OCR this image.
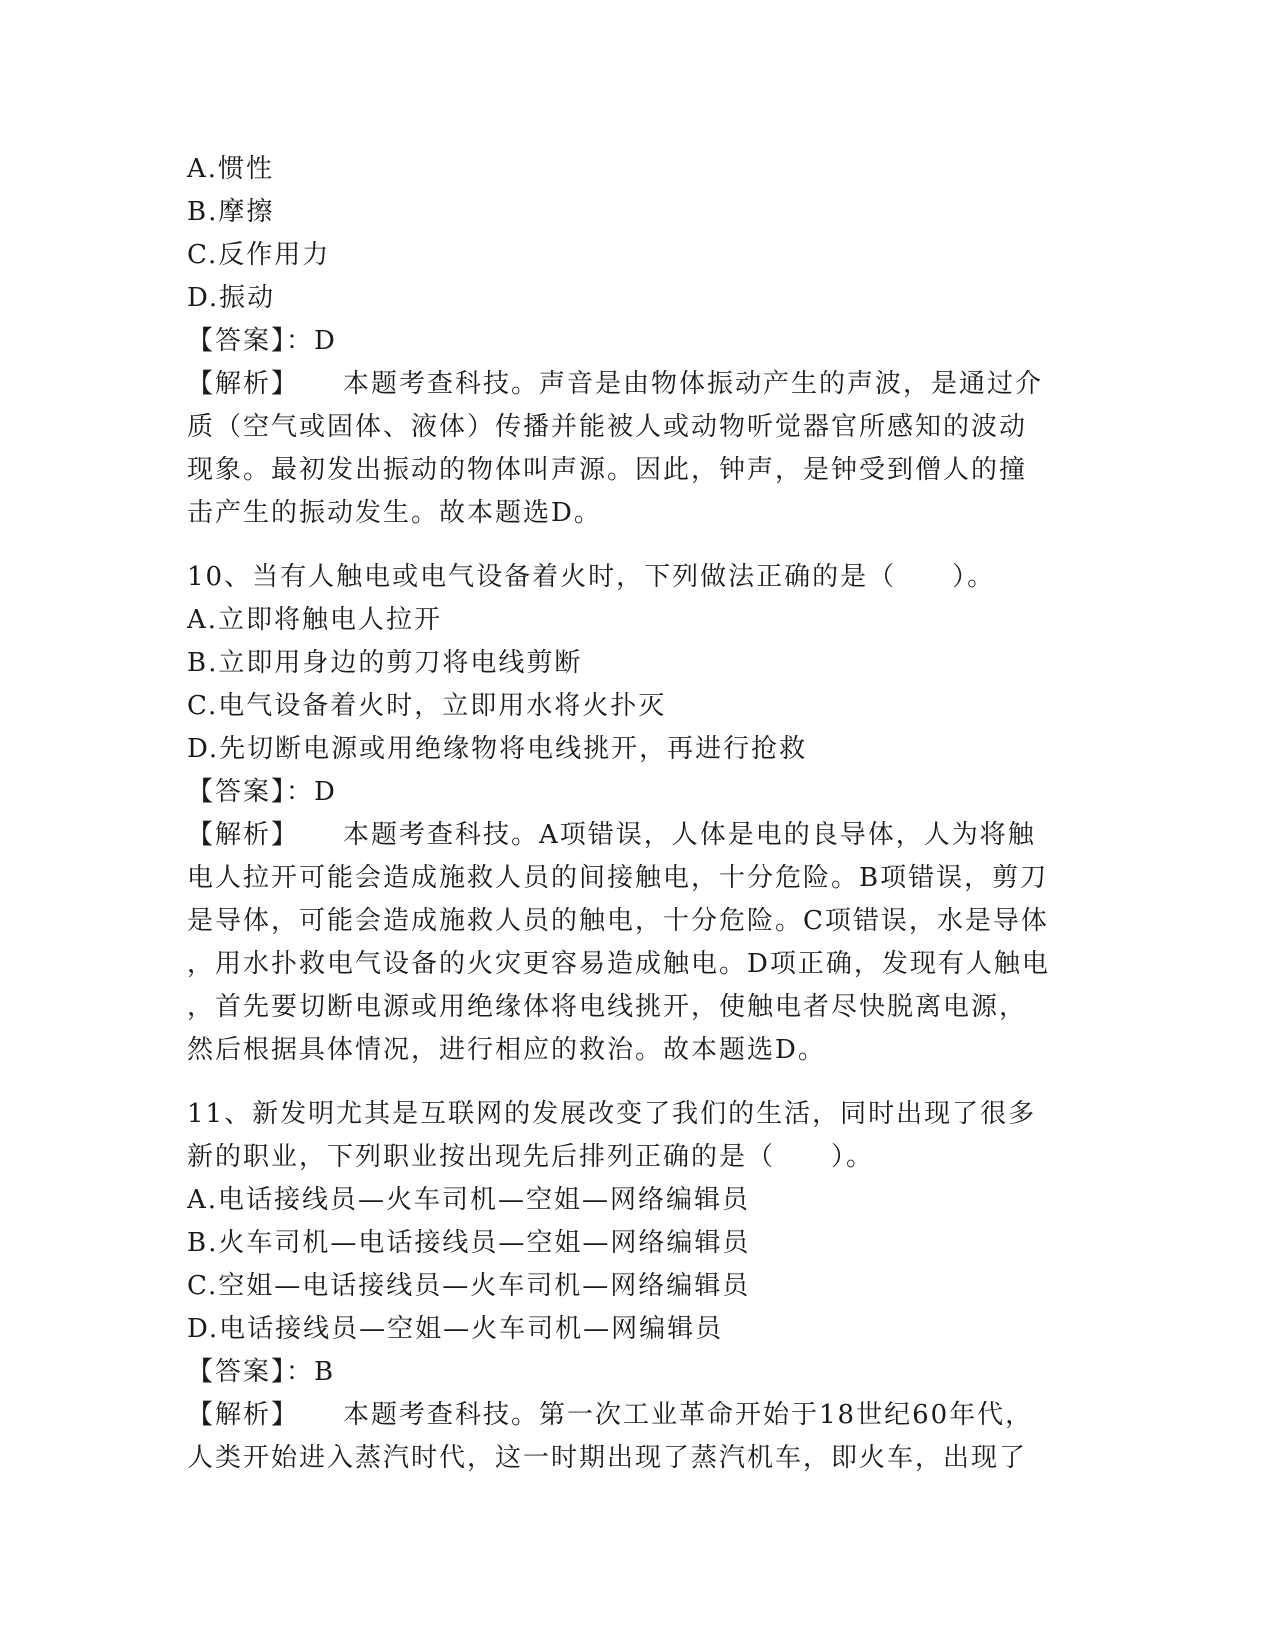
A.惯性
B.摩擦
C.反作用力
D.振动
【答案】：D
【解析】 本题考查科技。声音是由物体振动产生的声波，是通过介
质（空气或固体、液体）传播并能被人或动物听觉器官所感知的波动
现象。最初发出振动的物体叫声源。因此，钟声，是钟受到僧人的撞
击产生的振动发生。故本题选D。
10、当有人触电或电气设备着火时，下列做法正确的是（　　）。
A.立即将触电人拉开
B.立即用身边的剪刀将电线剪断
C.电气设备着火时，立即用水将火扑灭
D.先切断电源或用绝缘物将电线挑开，再进行抢救
【答案】：D
【解析】 本题考查科技。A项错误，人体是电的良导体，人为将触
电人拉开可能会造成施救人员的间接触电，十分危险。B项错误，剪刀
是导体，可能会造成施救人员的触电，十分危险。C项错误，水是导体
，用水扑救电气设备的火灾更容易造成触电。D项正确，发现有人触电
，首先要切断电源或用绝缘体将电线挑开，使触电者尽快脱离电源，
然后根据具体情况，进行相应的救治。故本题选D。
11、新发明尤其是互联网的发展改变了我们的生活，同时出现了很多
新的职业，下列职业按出现先后排列正确的是（　　）。
A.电话接线员—火车司机—空姐—网络编辑员
B.火车司机—电话接线员—空姐—网络编辑员
C.空姐—电话接线员—火车司机—网络编辑员
D.电话接线员—空姐—火车司机—网编辑员
【答案】：B
【解析】 本题考查科技。第一次工业革命开始于18世纪60年代，
人类开始进入蒸汽时代，这一时期出现了蒸汽机车，即火车，出现了
